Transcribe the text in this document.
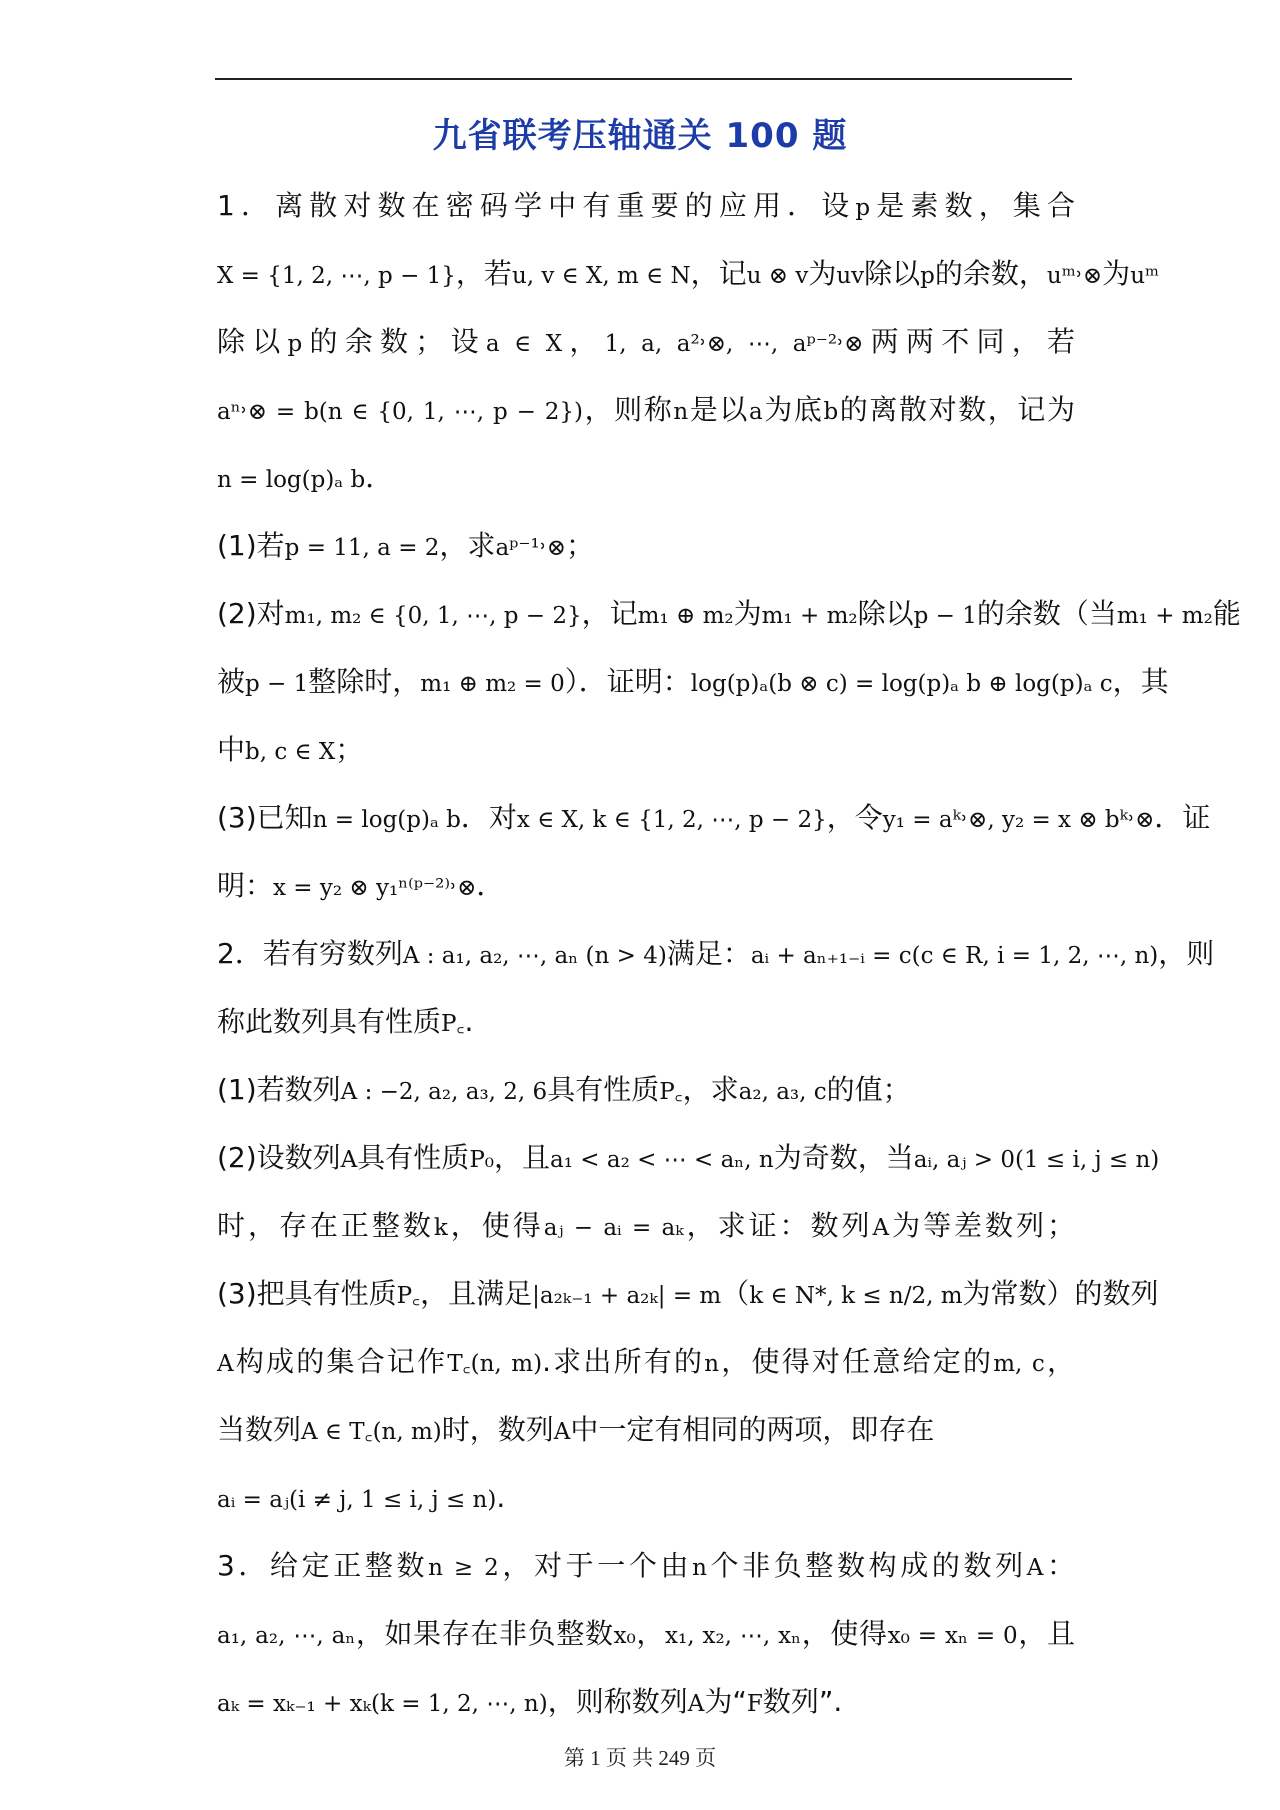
九省联考压轴通关 100 题
1．离散对数在密码学中有重要的应用．设p是素数，集合
X = {1, 2, ⋯, p − 1}，若u, v ∈ X, m ∈ N，记u ⊗ v为uv除以p的余数，uᵐ˒⊗为uᵐ
除以p的余数；设a ∈ X，1, a, a²˒⊗, ⋯, aᵖ⁻²˒⊗两两不同，若
aⁿ˒⊗ = b(n ∈ {0, 1, ⋯, p − 2})，则称n是以a为底b的离散对数，记为
n = log(p)ₐ b．
(1)若p = 11, a = 2，求aᵖ⁻¹˒⊗；
(2)对m₁, m₂ ∈ {0, 1, ⋯, p − 2}，记m₁ ⊕ m₂为m₁ + m₂除以p − 1的余数（当m₁ + m₂能
被p − 1整除时，m₁ ⊕ m₂ = 0）．证明：log(p)ₐ(b ⊗ c) = log(p)ₐ b ⊕ log(p)ₐ c，其
中b, c ∈ X；
(3)已知n = log(p)ₐ b．对x ∈ X, k ∈ {1, 2, ⋯, p − 2}，令y₁ = aᵏ˒⊗, y₂ = x ⊗ bᵏ˒⊗．证
明：x = y₂ ⊗ y₁ⁿ⁽ᵖ⁻²⁾˒⊗．
2．若有穷数列A : a₁, a₂, ⋯, aₙ (n > 4)满足：aᵢ + aₙ₊₁₋ᵢ = c(c ∈ R, i = 1, 2, ⋯, n)，则
称此数列具有性质P꜀.
(1)若数列A : −2, a₂, a₃, 2, 6具有性质P꜀，求a₂, a₃, c的值；
(2)设数列A具有性质P₀，且a₁ < a₂ < ⋯ < aₙ, n为奇数，当aᵢ, aⱼ > 0(1 ≤ i, j ≤ n)
时，存在正整数k，使得aⱼ − aᵢ = aₖ，求证：数列A为等差数列；
(3)把具有性质P꜀，且满足|a₂ₖ₋₁ + a₂ₖ| = m（k ∈ N*, k ≤ n/2, m为常数）的数列
A构成的集合记作T꜀(n, m).求出所有的n，使得对任意给定的m, c，
当数列A ∈ T꜀(n, m)时，数列A中一定有相同的两项，即存在
aᵢ = aⱼ(i ≠ j, 1 ≤ i, j ≤ n).
3．给定正整数n ≥ 2，对于一个由n个非负整数构成的数列A：
a₁, a₂, ⋯, aₙ，如果存在非负整数x₀，x₁, x₂, ⋯, xₙ，使得x₀ = xₙ = 0，且
aₖ = xₖ₋₁ + xₖ(k = 1, 2, ⋯, n)，则称数列A为“F数列”.
第 1 页 共 249 页
